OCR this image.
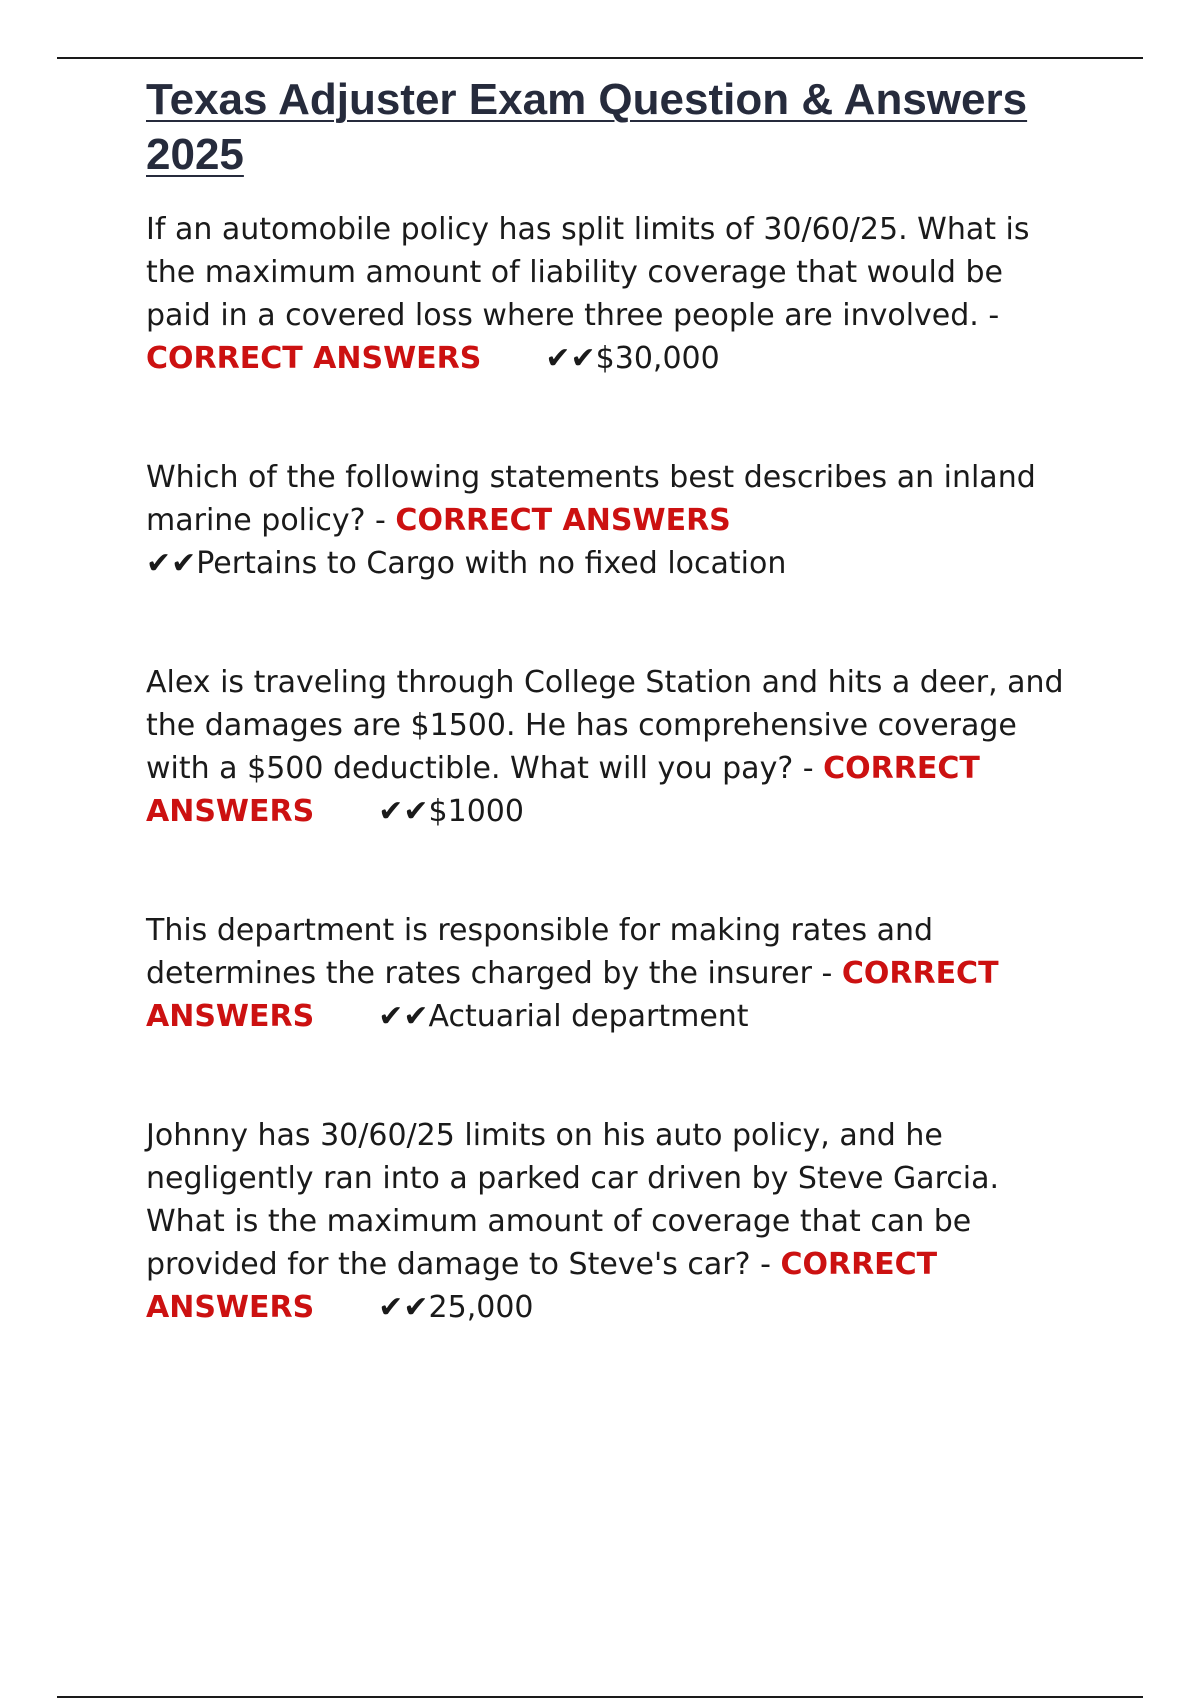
Texas Adjuster Exam Question & Answers 2025

If an automobile policy has split limits of 30/60/25. What is the maximum amount of liability coverage that would be paid in a covered loss where three people are involved. - CORRECT ANSWERS ✔✔$30,000

Which of the following statements best describes an inland marine policy? - CORRECT ANSWERS
✔✔Pertains to Cargo with no fixed location

Alex is traveling through College Station and hits a deer, and the damages are $1500. He has comprehensive coverage with a $500 deductible. What will you pay? - CORRECT ANSWERS ✔✔$1000

This department is responsible for making rates and determines the rates charged by the insurer - CORRECT ANSWERS ✔✔Actuarial department

Johnny has 30/60/25 limits on his auto policy, and he negligently ran into a parked car driven by Steve Garcia. What is the maximum amount of coverage that can be provided for the damage to Steve's car? - CORRECT ANSWERS ✔✔25,000
